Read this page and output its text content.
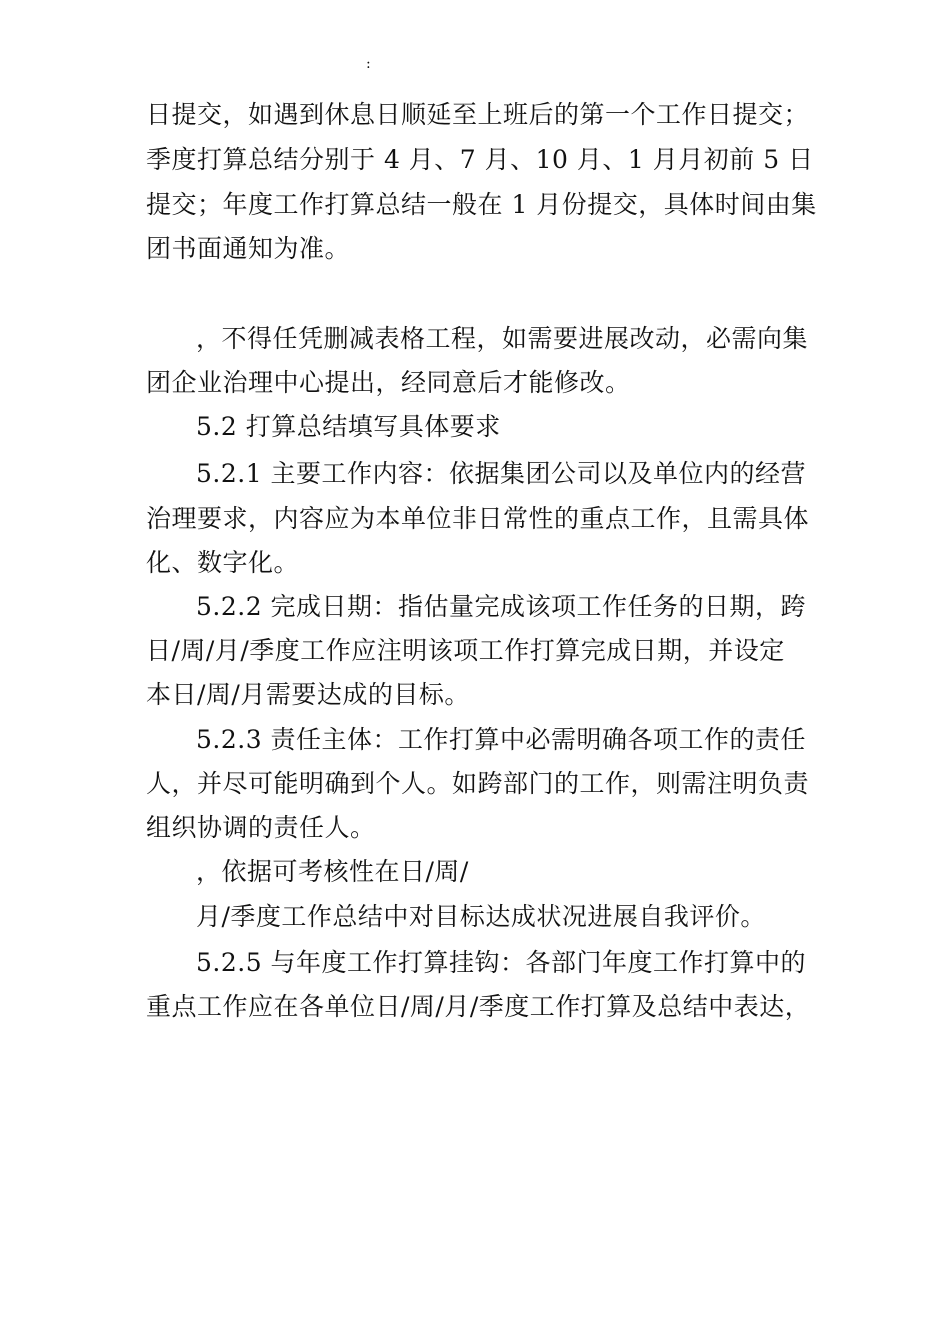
:
日提交，如遇到休息日顺延至上班后的第一个工作日提交；
季度打算总结分别于 4 月、7 月、10 月、1 月月初前 5 日
提交；年度工作打算总结一般在 1 月份提交，具体时间由集
团书面通知为准。
，不得任凭删减表格工程，如需要进展改动，必需向集
团企业治理中心提出，经同意后才能修改。
5.2 打算总结填写具体要求
5.2.1 主要工作内容：依据集团公司以及单位内的经营
治理要求，内容应为本单位非日常性的重点工作，且需具体
化、数字化。
5.2.2 完成日期：指估量完成该项工作任务的日期，跨
日/周/月/季度工作应注明该项工作打算完成日期，并设定
本日/周/月需要达成的目标。
5.2.3 责任主体：工作打算中必需明确各项工作的责任
人，并尽可能明确到个人。如跨部门的工作，则需注明负责
组织协调的责任人。
，依据可考核性在日/周/
月/季度工作总结中对目标达成状况进展自我评价。
5.2.5 与年度工作打算挂钩：各部门年度工作打算中的
重点工作应在各单位日/周/月/季度工作打算及总结中表达，
